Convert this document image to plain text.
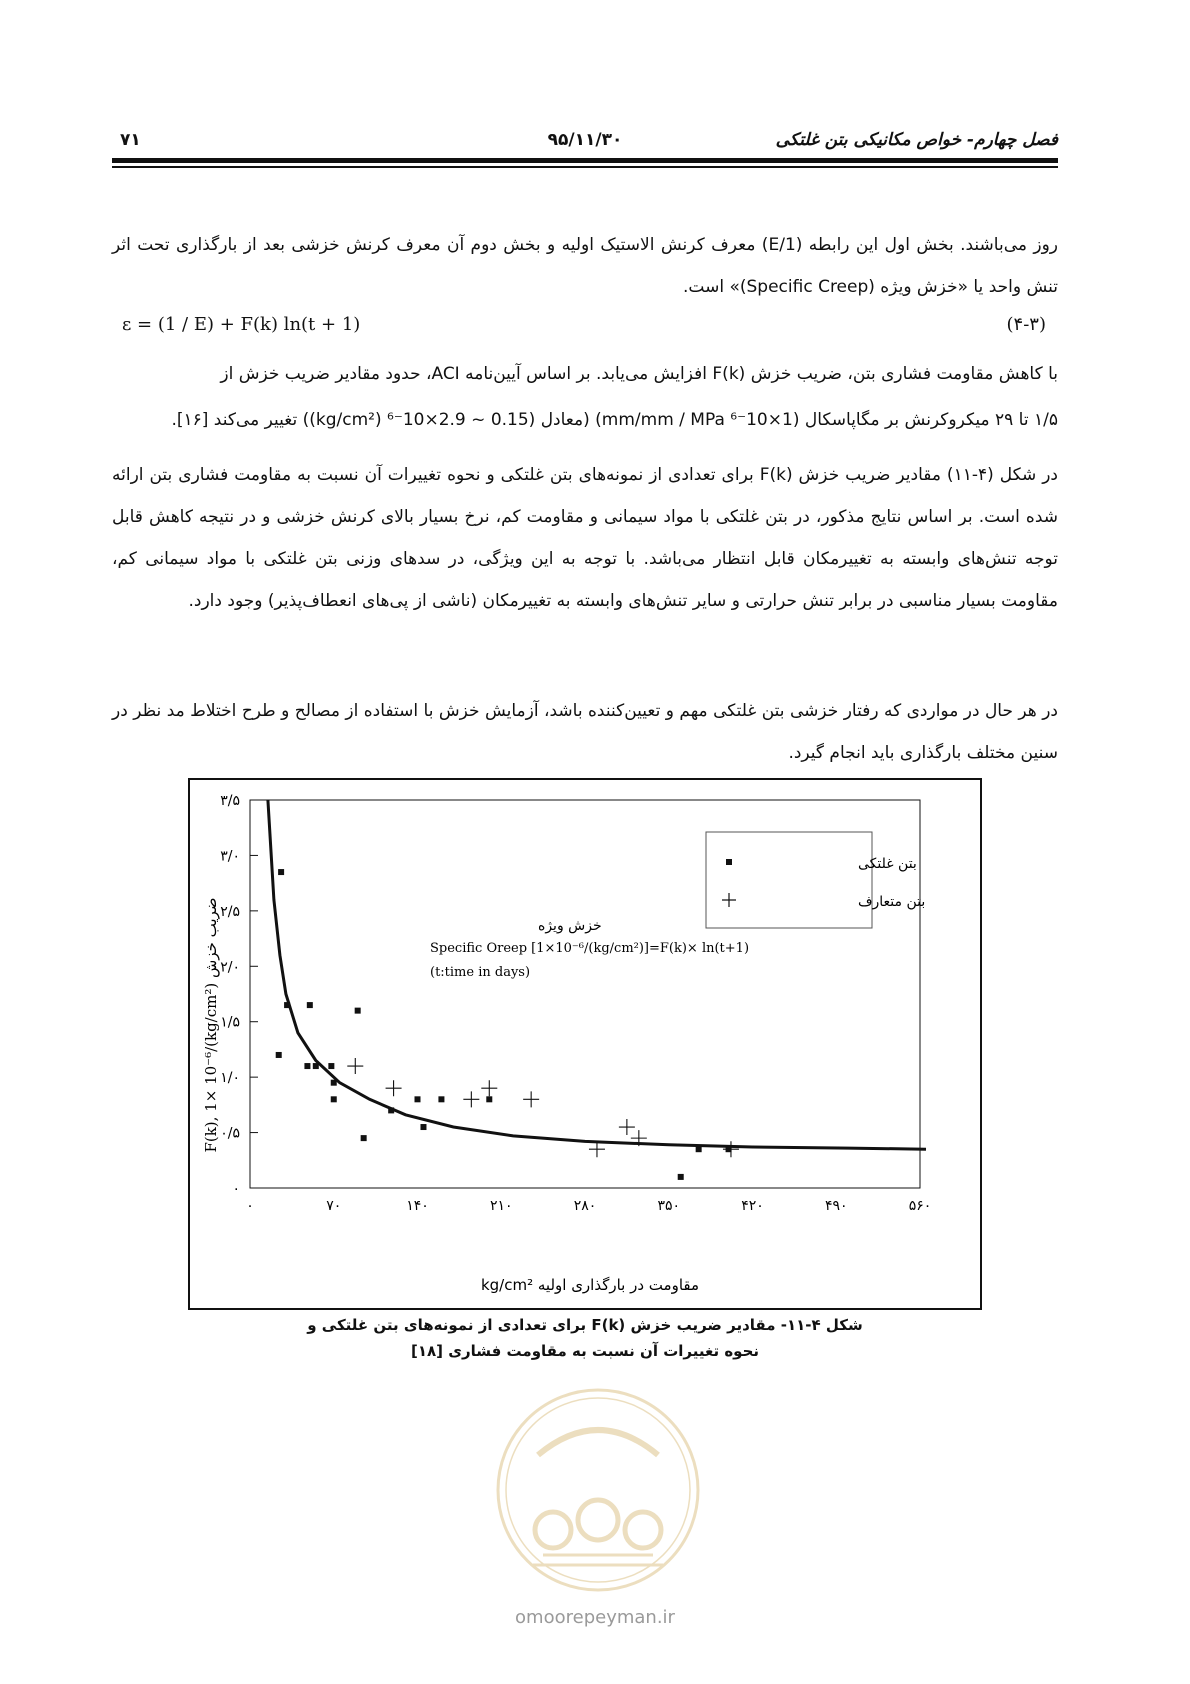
۷۱	۹۵/۱۱/۳۰	فصل چهارم- خواص مکانیکی بتن غلتکی

روز می‌باشند. بخش اول این رابطه (1/E) معرف کرنش الاستیک اولیه و بخش دوم آن معرف کرنش خزشی بعد از بارگذاری تحت اثر تنش واحد یا «خزش ویژه (Specific Creep)» است.

ε = (1 / E) + F(k) ln(t + 1)	(۴-۳)
با کاهش مقاومت فشاری بتن، ضریب خزش F(k) افزایش می‌یابد. بر اساس آیین‌نامه ACI، حدود مقادیر ضریب خزش از
۱/۵ تا ۲۹ میکروکرنش بر مگاپاسکال (1×10⁻⁶ mm/mm / MPa) (معادل (0.15 ~ 2.9×10⁻⁶ (kg/cm²)) تغییر می‌کند [۱۶].

در شکل (۴-۱۱) مقادیر ضریب خزش F(k) برای تعدادی از نمونه‌های بتن غلتکی و نحوه تغییرات آن نسبت به مقاومت فشاری بتن ارائه شده است. بر اساس نتایج مذکور، در بتن غلتکی با مواد سیمانی و مقاومت کم، نرخ بسیار بالای کرنش خزشی و در نتیجه کاهش قابل توجه تنش‌های وابسته به تغییرمکان قابل انتظار می‌باشد. با توجه به این ویژگی، در سدهای وزنی بتن غلتکی با مواد سیمانی کم، مقاومت بسیار مناسبی در برابر تنش حرارتی و سایر تنش‌های وابسته به تغییرمکان (ناشی از پی‌های انعطاف‌پذیر) وجود دارد.

در هر حال در مواردی که رفتار خزشی بتن غلتکی مهم و تعیین‌کننده باشد، آزمایش خزش با استفاده از مصالح و طرح اختلاط مد نظر در سنین مختلف بارگذاری باید انجام گیرد.

۰
۰/۵
۱/۰
۱/۵
۲/۰
۲/۵
۳/۰
۳/۵
۰	۷۰	۱۴۰	۲۱۰	۲۸۰	۳۵۰	۴۲۰	۴۹۰	۵۶۰
F(k), 1× 10⁻⁶/(kg/cm²) ضریب خزش
مقاومت در بارگذاری اولیه kg/cm²
بتن غلتکی
بتن متعارف
خزش ویژه
Specific Oreep [1×10⁻⁶/(kg/cm²)]=F(k)× ln(t+1)
(t:time in days)
شکل ۴-۱۱- مقادیر ضریب خزش F(k) برای تعدادی از نمونه‌های بتن غلتکی و
نحوه تغییرات آن نسبت به مقاومت فشاری [۱۸]
omoorepeyman.ir
